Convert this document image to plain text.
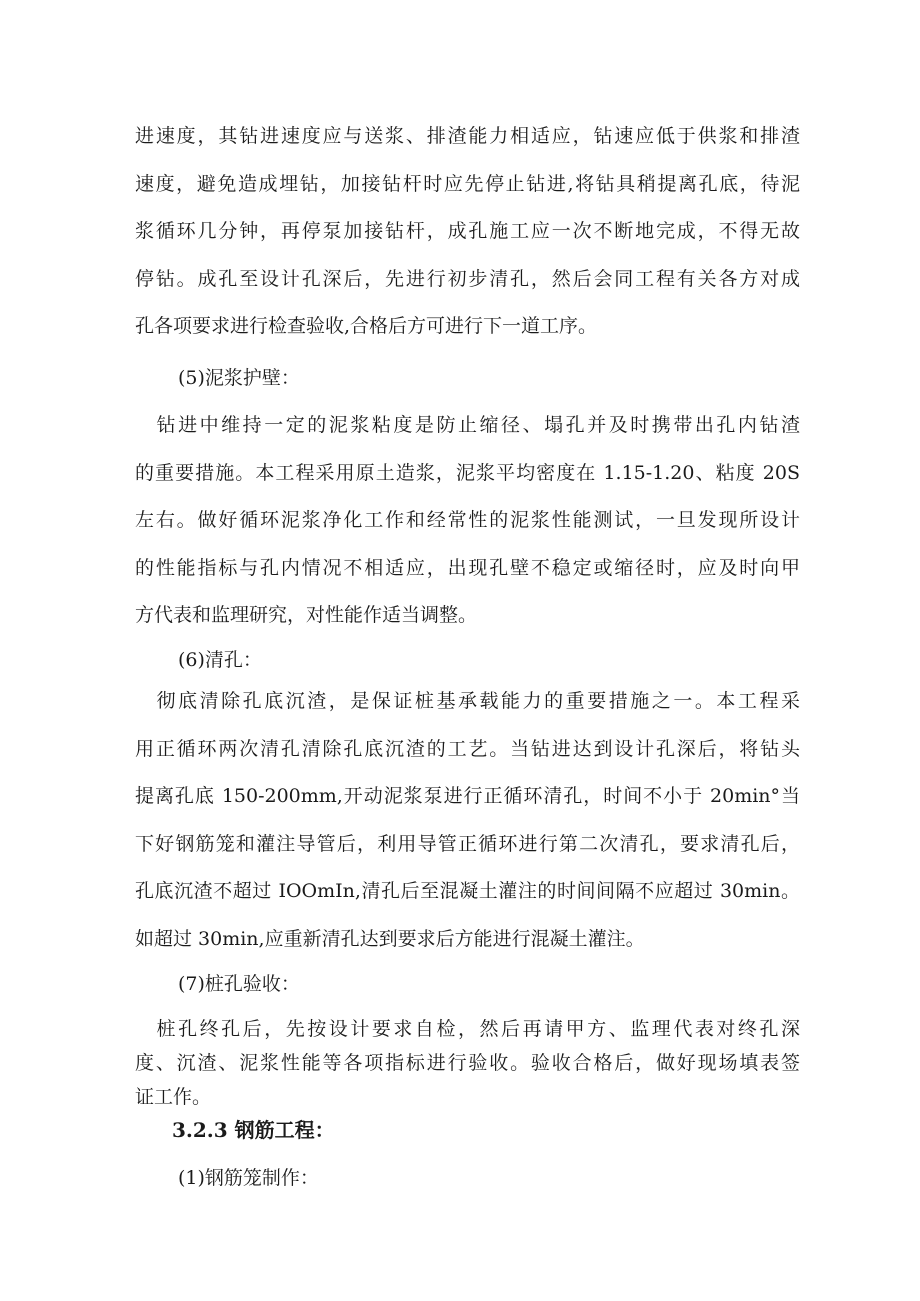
进速度，其钻进速度应与送浆、排渣能力相适应，钻速应低于供浆和排渣
速度，避免造成埋钻，加接钻杆时应先停止钻进,将钻具稍提离孔底，待泥
浆循环几分钟，再停泵加接钻杆，成孔施工应一次不断地完成，不得无故
停钻。成孔至设计孔深后，先进行初步清孔，然后会同工程有关各方对成
孔各项要求进行检查验收,合格后方可进行下一道工序。
(5)泥浆护壁：
　钻进中维持一定的泥浆粘度是防止缩径、塌孔并及时携带出孔内钻渣
的重要措施。本工程采用原土造浆，泥浆平均密度在 1.15-1.20、粘度 20S
左右。做好循环泥浆净化工作和经常性的泥浆性能测试，一旦发现所设计
的性能指标与孔内情况不相适应，出现孔壁不稳定或缩径时，应及时向甲
方代表和监理研究，对性能作适当调整。
(6)清孔：
　彻底清除孔底沉渣，是保证桩基承载能力的重要措施之一。本工程采
用正循环两次清孔清除孔底沉渣的工艺。当钻进达到设计孔深后，将钻头
提离孔底 150-200mm,开动泥浆泵进行正循环清孔，时间不小于 20min°当
下好钢筋笼和灌注导管后，利用导管正循环进行第二次清孔，要求清孔后，
孔底沉渣不超过 IOOmIn,清孔后至混凝土灌注的时间间隔不应超过 30min。
如超过 30min,应重新清孔达到要求后方能进行混凝土灌注。
(7)桩孔验收：
　桩孔终孔后，先按设计要求自检，然后再请甲方、监理代表对终孔深
度、沉渣、泥浆性能等各项指标进行验收。验收合格后，做好现场填表签
证工作。
3.2.3 钢筋工程：
(1)钢筋笼制作：
